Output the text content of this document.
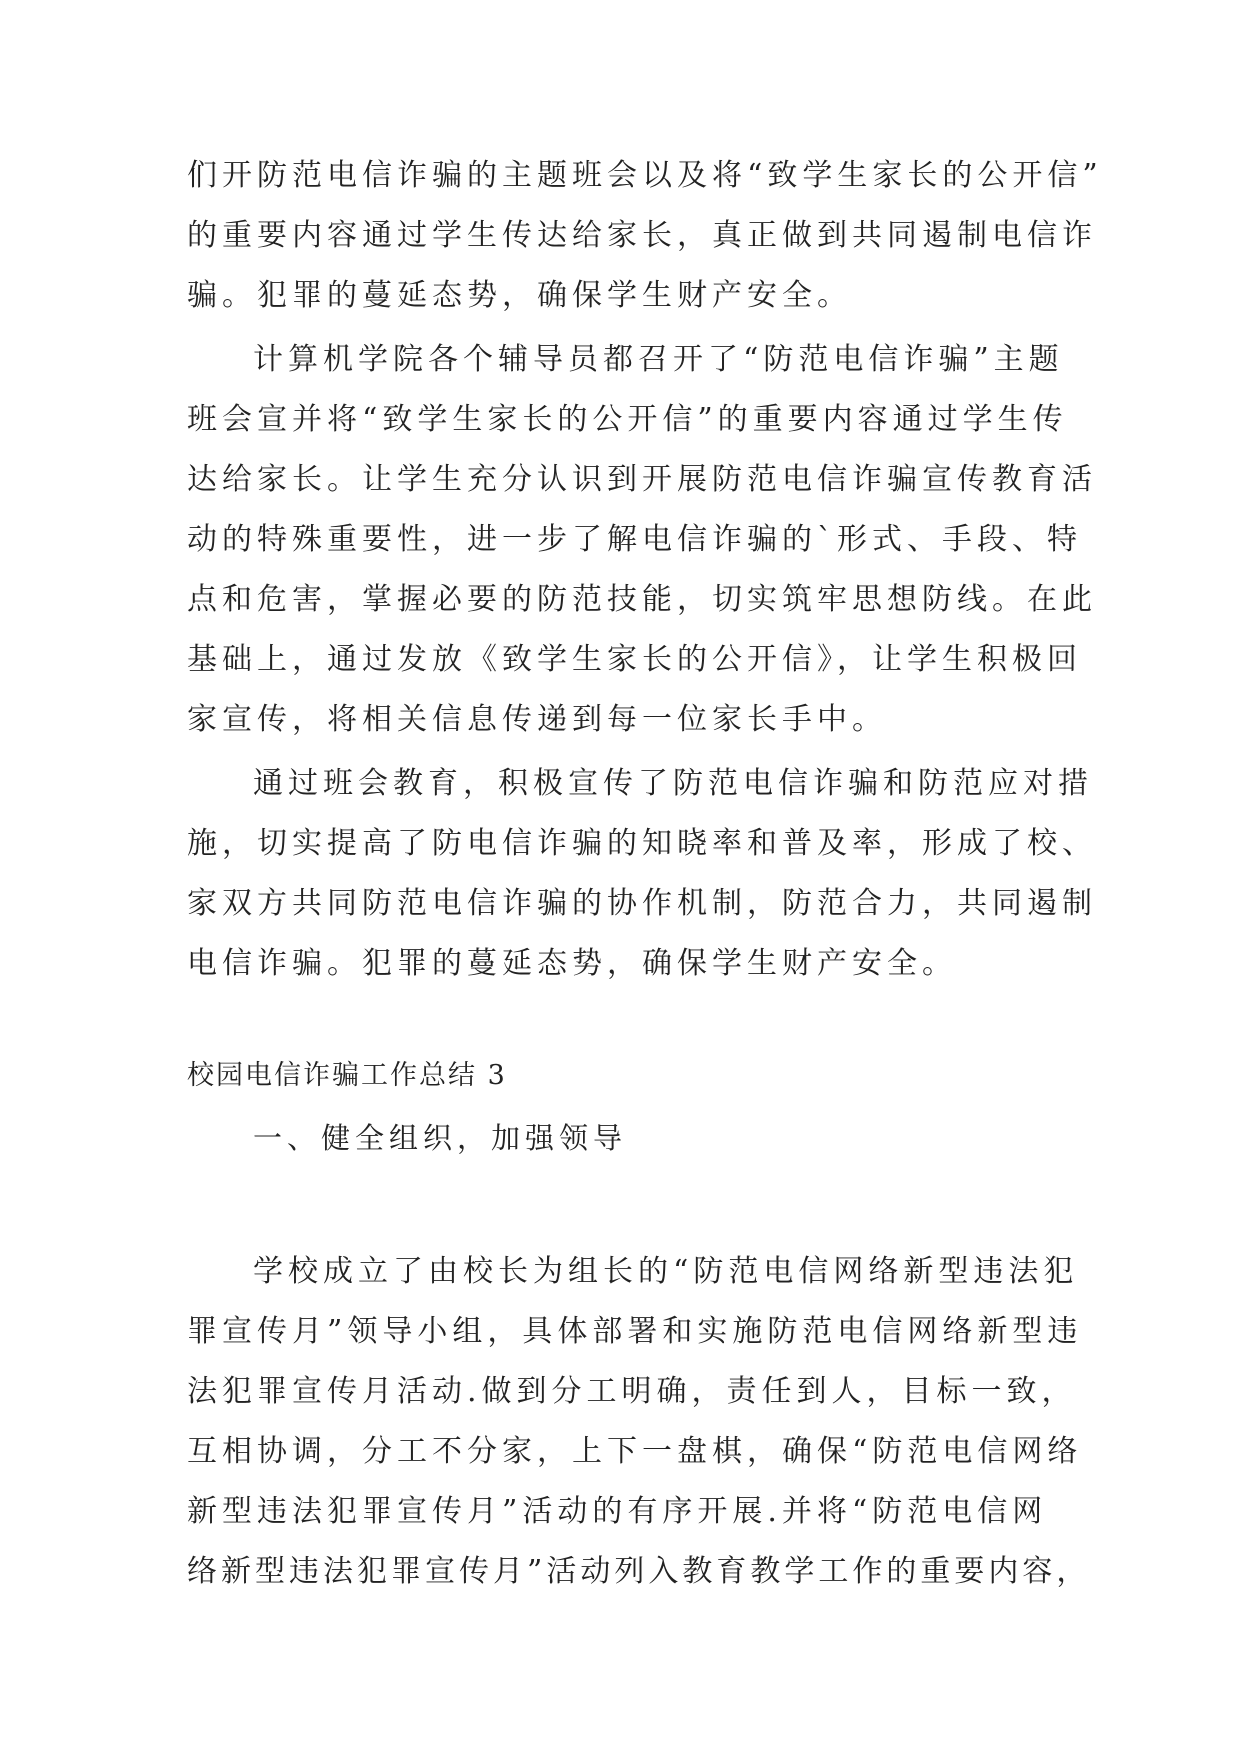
们开防范电信诈骗的主题班会以及将“致学生家长的公开信”

的重要内容通过学生传达给家长，真正做到共同遏制电信诈

骗。犯罪的蔓延态势，确保学生财产安全。

计算机学院各个辅导员都召开了“防范电信诈骗”主题

班会宣并将“致学生家长的公开信”的重要内容通过学生传

达给家长。让学生充分认识到开展防范电信诈骗宣传教育活

动的特殊重要性，进一步了解电信诈骗的`形式、手段、特

点和危害，掌握必要的防范技能，切实筑牢思想防线。在此

基础上，通过发放《致学生家长的公开信》，让学生积极回

家宣传，将相关信息传递到每一位家长手中。

通过班会教育，积极宣传了防范电信诈骗和防范应对措

施，切实提高了防电信诈骗的知晓率和普及率，形成了校、

家双方共同防范电信诈骗的协作机制，防范合力，共同遏制

电信诈骗。犯罪的蔓延态势，确保学生财产安全。

校园电信诈骗工作总结 3
一、健全组织，加强领导

学校成立了由校长为组长的“防范电信网络新型违法犯

罪宣传月”领导小组，具体部署和实施防范电信网络新型违

法犯罪宣传月活动.做到分工明确，责任到人，目标一致，

互相协调，分工不分家，上下一盘棋，确保“防范电信网络

新型违法犯罪宣传月”活动的有序开展.并将“防范电信网

络新型违法犯罪宣传月”活动列入教育教学工作的重要内容，
